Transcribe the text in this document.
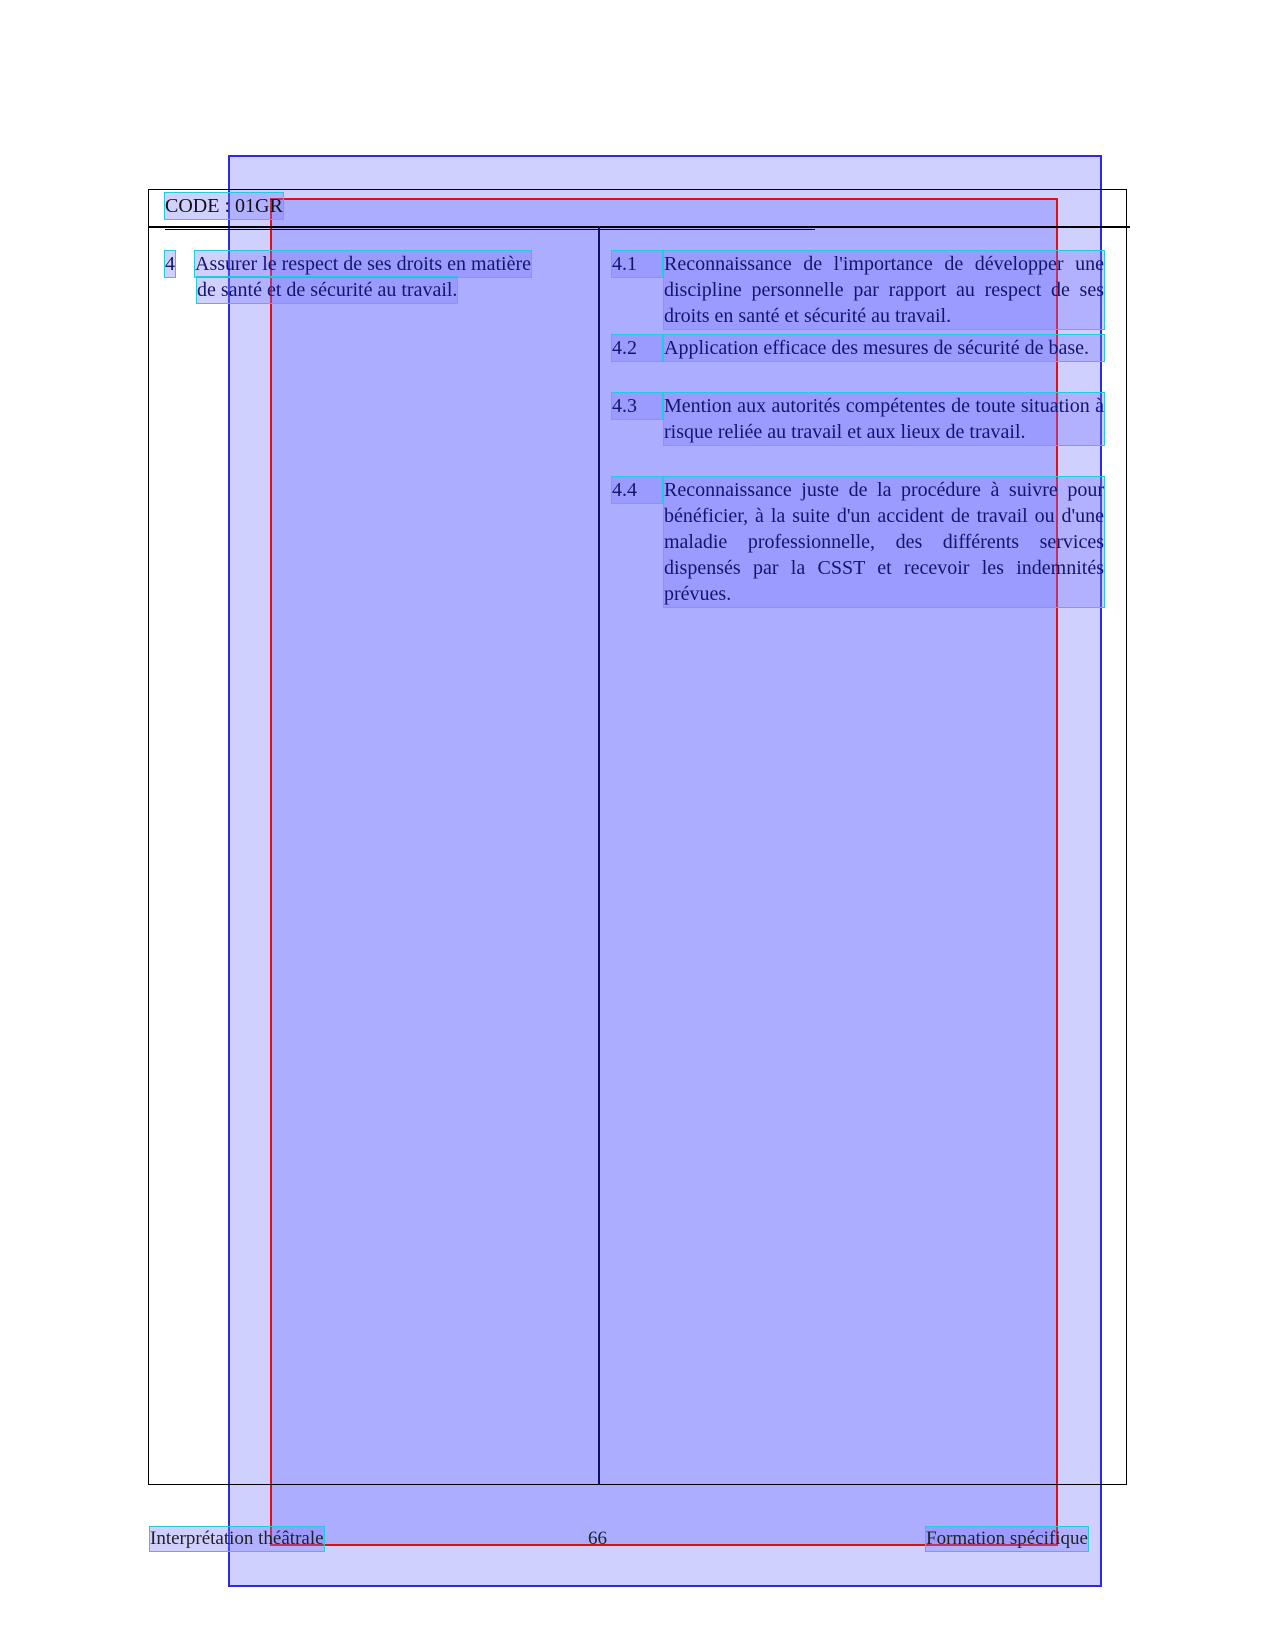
CODE : 01GR
4 Assurer le respect de ses droits en matière
de santé et de sécurité au travail.
4.1	Reconnaissance de l'importance de développer une discipline personnelle par rapport au respect de ses droits en santé et sécurité au travail.
4.2	Application efficace des mesures de sécurité de base.
4.3	Mention aux autorités compétentes de toute situation à risque reliée au travail et aux lieux de travail.
4.4	Reconnaissance juste de la procédure à suivre pour bénéficier, à la suite d'un accident de travail ou d'une maladie professionnelle, des différents services dispensés par la CSST et recevoir les indemnités prévues.
Interprétation théâtrale	66	Formation spécifique
